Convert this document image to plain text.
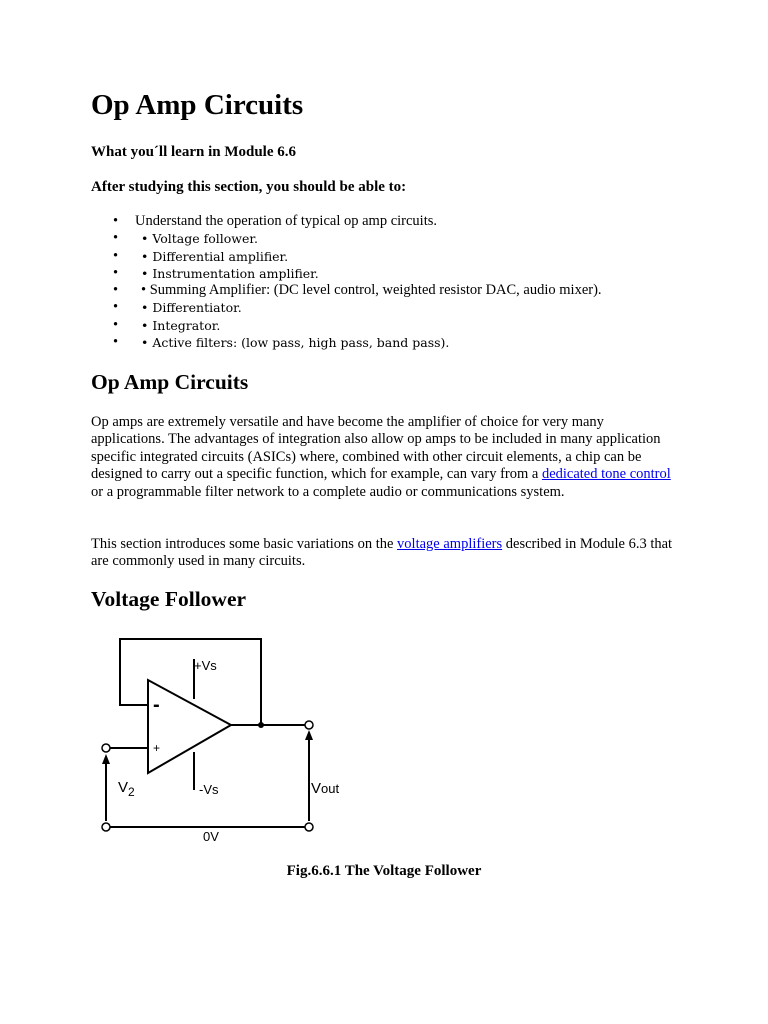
Op Amp Circuits
What you´ll learn in Module 6.6

After studying this section, you should be able to:

• Understand the operation of typical op amp circuits.
• • Voltage follower.
• • Differential amplifier.
• • Instrumentation amplifier.
• • Summing Amplifier: (DC level control, weighted resistor DAC, audio mixer).
• • Differentiator.
• • Integrator.
• • Active filters: (low pass, high pass, band pass).
Op Amp Circuits

Op amps are extremely versatile and have become the amplifier of choice for very many applications. The advantages of integration also allow op amps to be included in many application specific integrated circuits (ASICs) where, combined with other circuit elements, a chip can be designed to carry out a specific function, which for example, can vary from a dedicated tone control or a programmable filter network to a complete audio or communications system.

This section introduces some basic variations on the voltage amplifiers described in Module 6.3 that are commonly used in many circuits.

Voltage Follower
-
+
+Vs
-Vs
$V_2$	Vout
0V

Fig.6.6.1 The Voltage Follower
